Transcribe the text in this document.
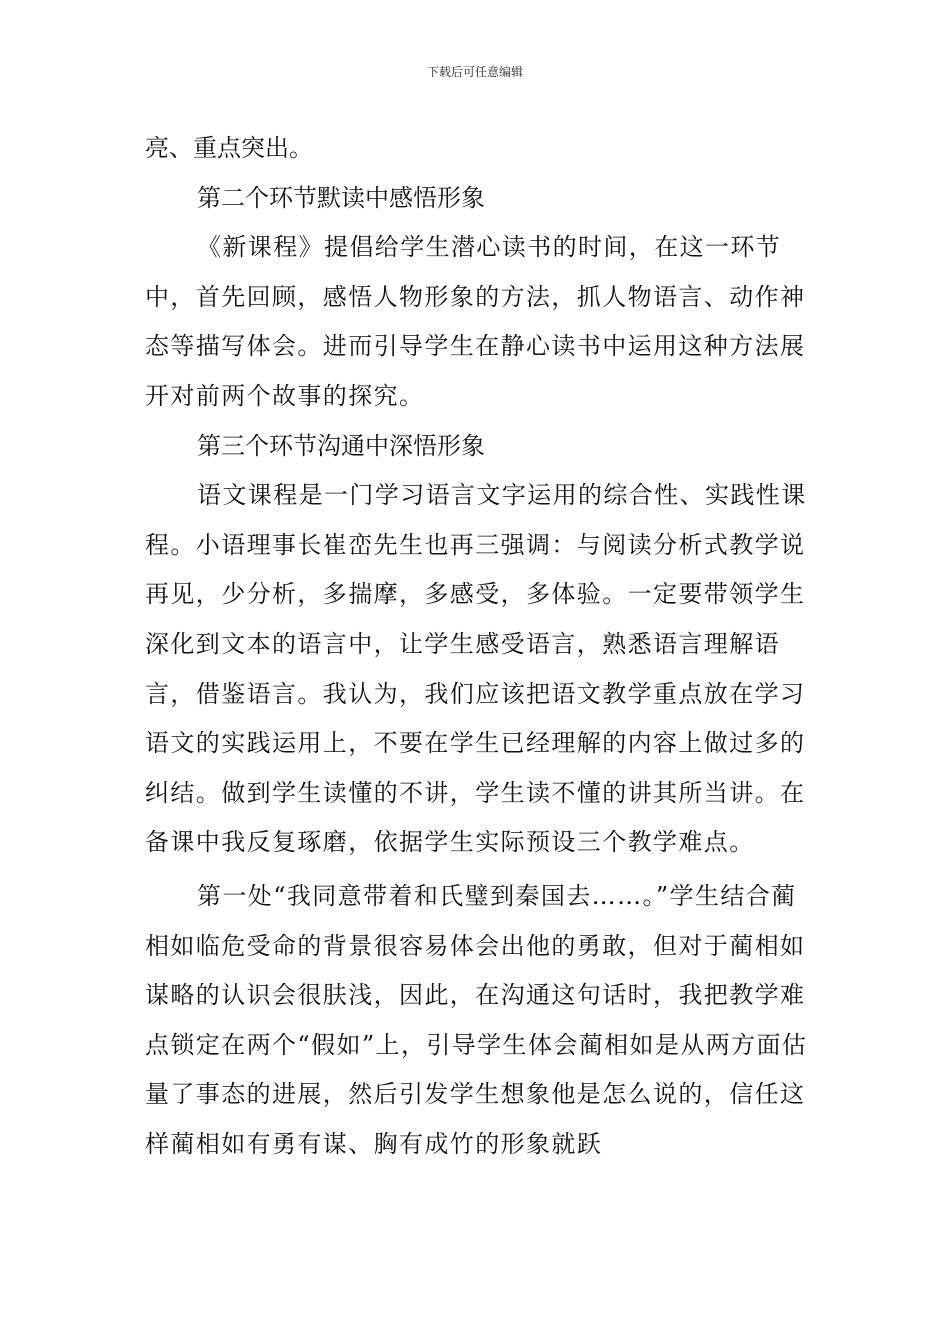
下载后可任意编辑

亮、重点突出。

第二个环节默读中感悟形象

《新课程》提倡给学生潜心读书的时间，在这一环节中，首先回顾，感悟人物形象的方法，抓人物语言、动作神态等描写体会。进而引导学生在静心读书中运用这种方法展开对前两个故事的探究。

第三个环节沟通中深悟形象

语文课程是一门学习语言文字运用的综合性、实践性课程。小语理事长崔峦先生也再三强调：与阅读分析式教学说再见，少分析，多揣摩，多感受，多体验。一定要带领学生深化到文本的语言中，让学生感受语言，熟悉语言理解语言，借鉴语言。我认为，我们应该把语文教学重点放在学习语文的实践运用上，不要在学生已经理解的内容上做过多的纠结。做到学生读懂的不讲，学生读不懂的讲其所当讲。在备课中我反复琢磨，依据学生实际预设三个教学难点。

第一处“我同意带着和氏璧到秦国去……。”学生结合蔺相如临危受命的背景很容易体会出他的勇敢，但对于蔺相如谋略的认识会很肤浅，因此，在沟通这句话时，我把教学难点锁定在两个“假如”上，引导学生体会蔺相如是从两方面估量了事态的进展，然后引发学生想象他是怎么说的，信任这样蔺相如有勇有谋、胸有成竹的形象就跃
